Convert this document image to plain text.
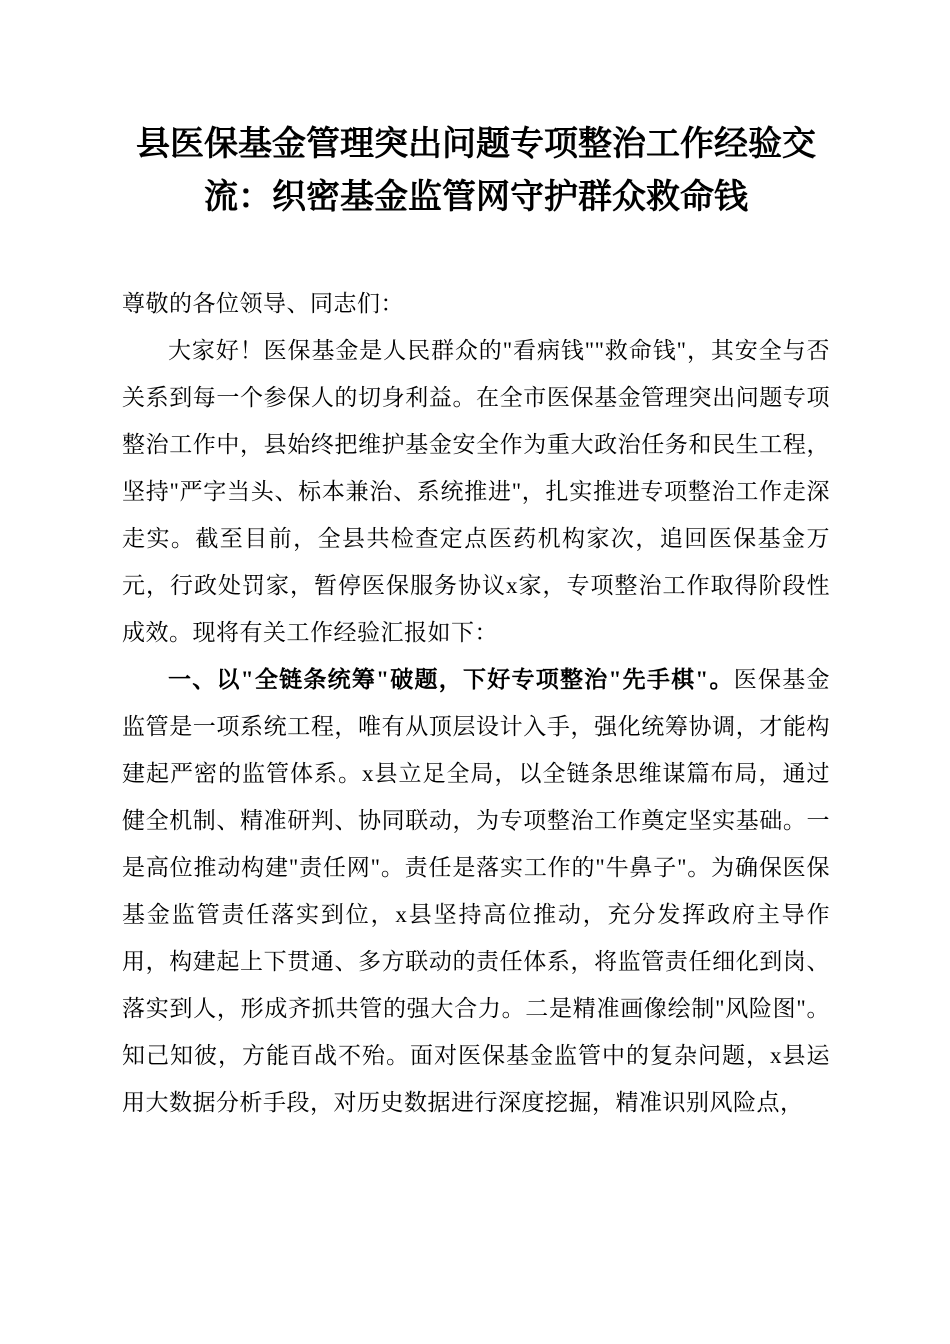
县医保基金管理突出问题专项整治工作经验交流：织密基金监管网守护群众救命钱

尊敬的各位领导、同志们：

大家好！医保基金是人民群众的"看病钱""救命钱"，其安全与否关系到每一个参保人的切身利益。在全市医保基金管理突出问题专项整治工作中，县始终把维护基金安全作为重大政治任务和民生工程，坚持"严字当头、标本兼治、系统推进"，扎实推进专项整治工作走深走实。截至目前，全县共检查定点医药机构家次，追回医保基金万元，行政处罚家，暂停医保服务协议x家，专项整治工作取得阶段性成效。现将有关工作经验汇报如下：

一、以"全链条统筹"破题，下好专项整治"先手棋"。医保基金监管是一项系统工程，唯有从顶层设计入手，强化统筹协调，才能构建起严密的监管体系。x县立足全局，以全链条思维谋篇布局，通过健全机制、精准研判、协同联动，为专项整治工作奠定坚实基础。一是高位推动构建"责任网"。责任是落实工作的"牛鼻子"。为确保医保基金监管责任落实到位，x县坚持高位推动，充分发挥政府主导作用，构建起上下贯通、多方联动的责任体系，将监管责任细化到岗、落实到人，形成齐抓共管的强大合力。二是精准画像绘制"风险图"。知己知彼，方能百战不殆。面对医保基金监管中的复杂问题，x县运用大数据分析手段，对历史数据进行深度挖掘，精准识别风险点，
